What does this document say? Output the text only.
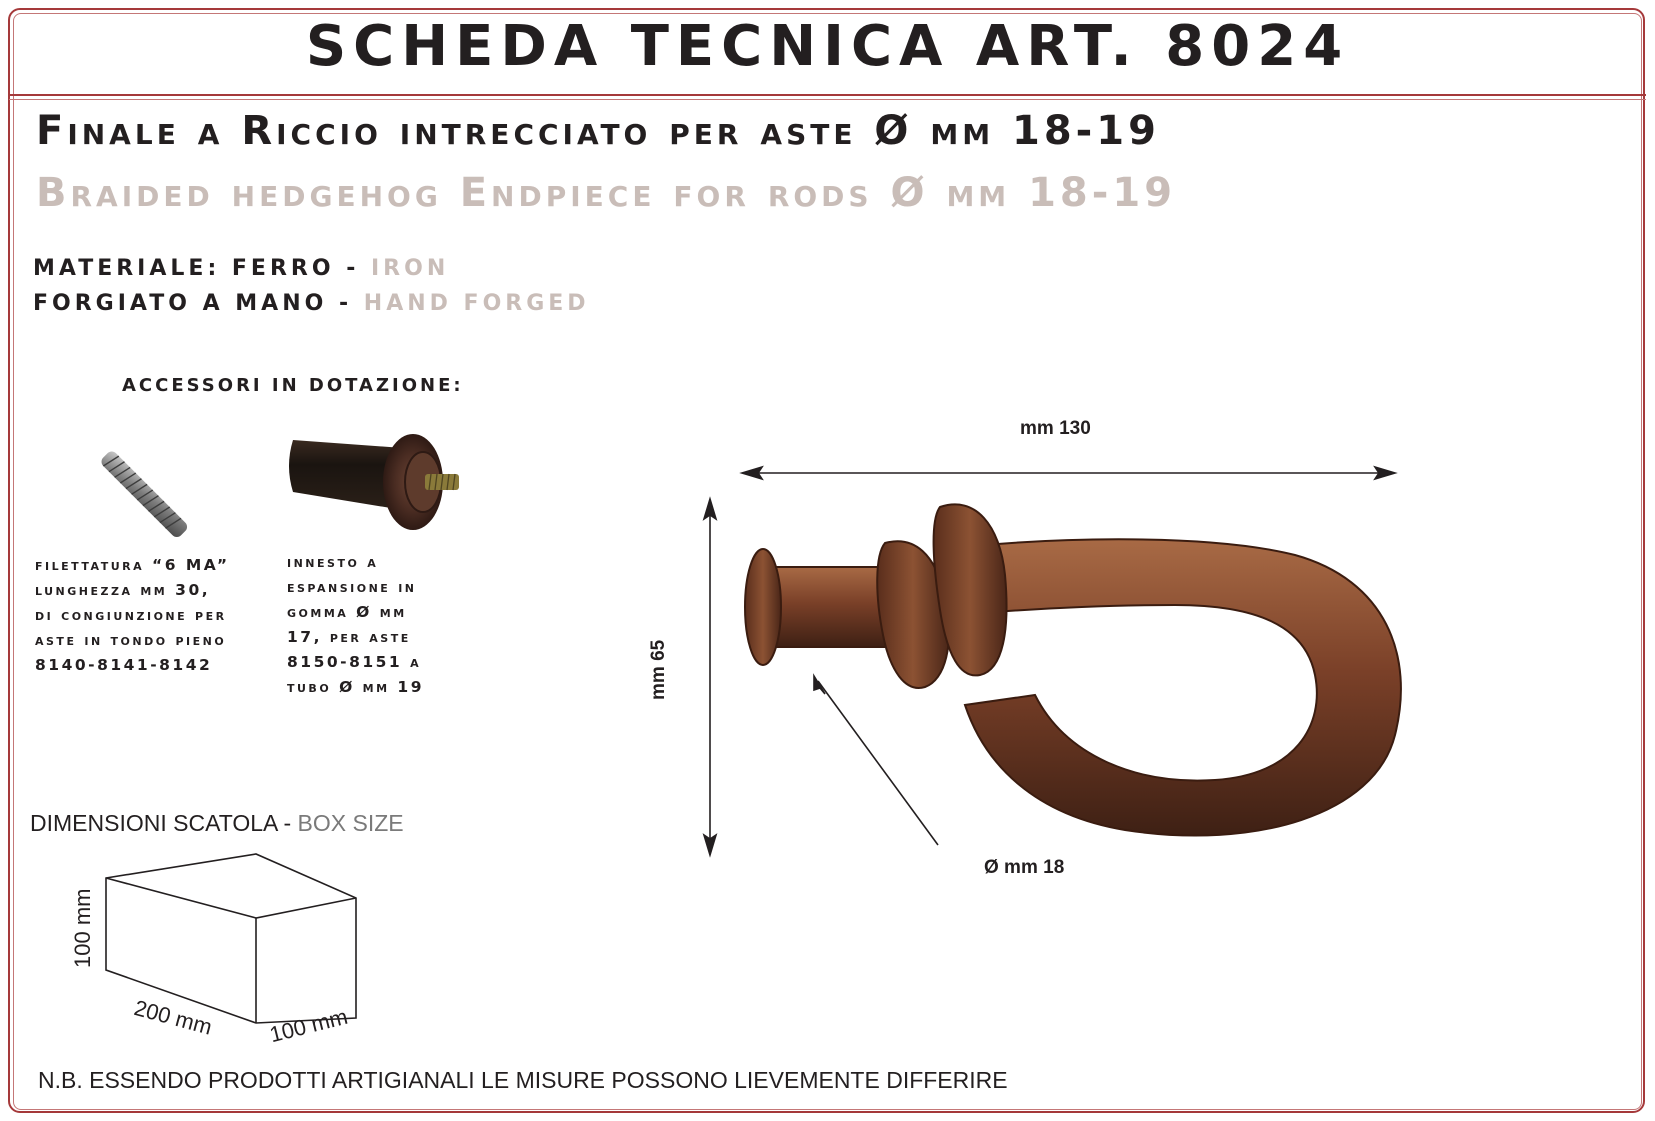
SCHEDA TECNICA ART. 8024
Finale a Riccio intrecciato per aste Ø mm 18-19
Braided hedgehog Endpiece for rods Ø mm 18-19
MATERIALE: FERRO - IRON
FORGIATO A MANO - HAND FORGED
ACCESSORI IN DOTAZIONE:
filettatura “6 MA”
lunghezza mm 30,
di congiunzione per
aste in tondo pieno
8140-8141-8142
innesto a
espansione in
gomma Ø mm
17, per aste
8150-8151 a
tubo Ø mm 19
mm 130
mm 65
Ø mm 18
DIMENSIONI SCATOLA - BOX SIZE
100 mm
200 mm 100 mm
N.B. ESSENDO PRODOTTI ARTIGIANALI LE MISURE POSSONO LIEVEMENTE DIFFERIRE
